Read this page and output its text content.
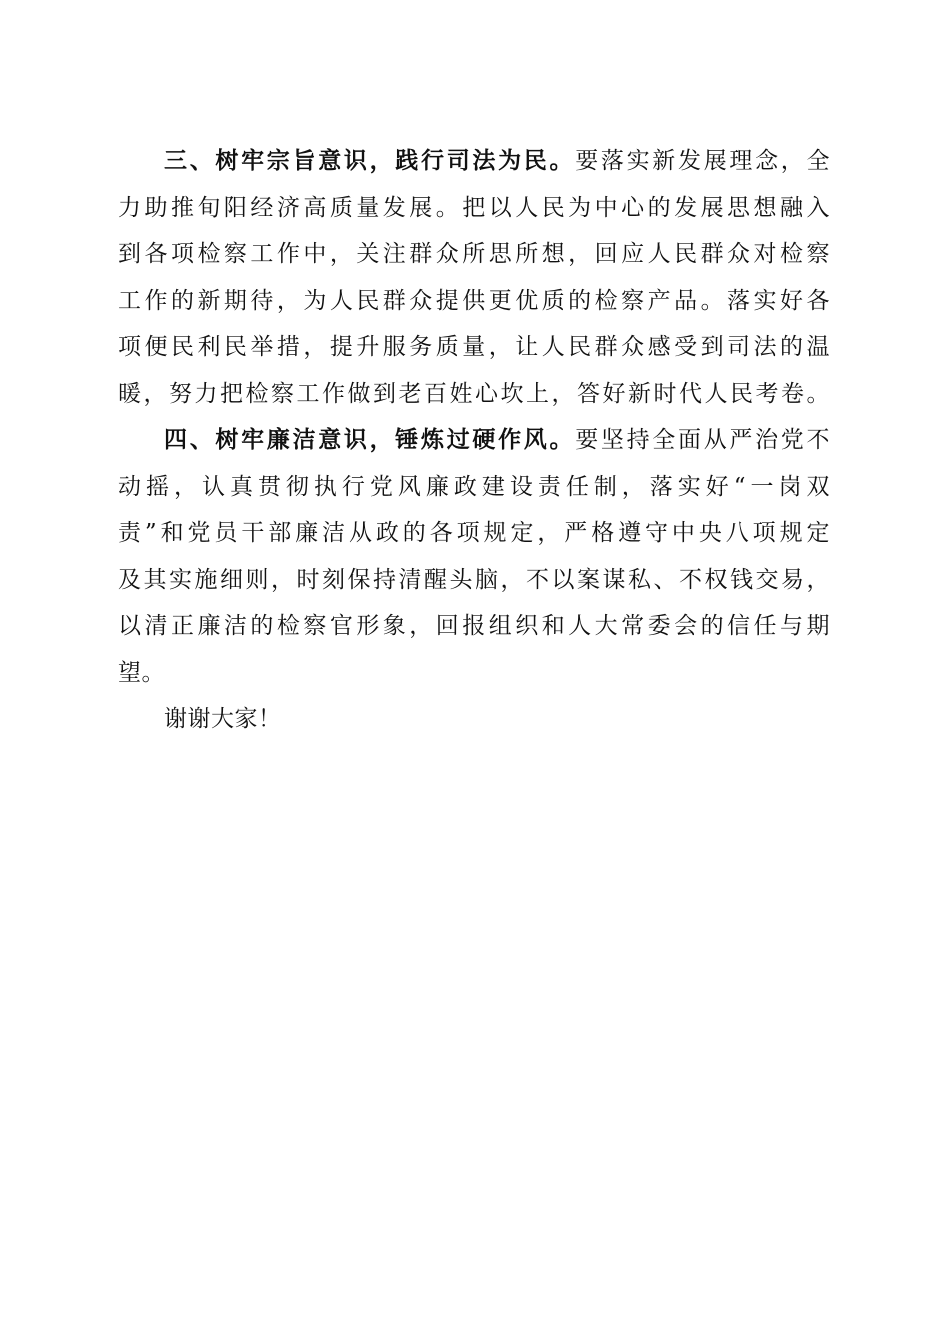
三、树牢宗旨意识，践行司法为民。要落实新发展理念，全
力助推旬阳经济高质量发展。把以人民为中心的发展思想融入
到各项检察工作中，关注群众所思所想，回应人民群众对检察
工作的新期待，为人民群众提供更优质的检察产品。落实好各
项便民利民举措，提升服务质量，让人民群众感受到司法的温
暖，努力把检察工作做到老百姓心坎上，答好新时代人民考卷。
四、树牢廉洁意识，锤炼过硬作风。要坚持全面从严治党不
动摇，认真贯彻执行党风廉政建设责任制，落实好“一岗双
责”和党员干部廉洁从政的各项规定，严格遵守中央八项规定
及其实施细则，时刻保持清醒头脑，不以案谋私、不权钱交易，
以清正廉洁的检察官形象，回报组织和人大常委会的信任与期
望。
谢谢大家！
